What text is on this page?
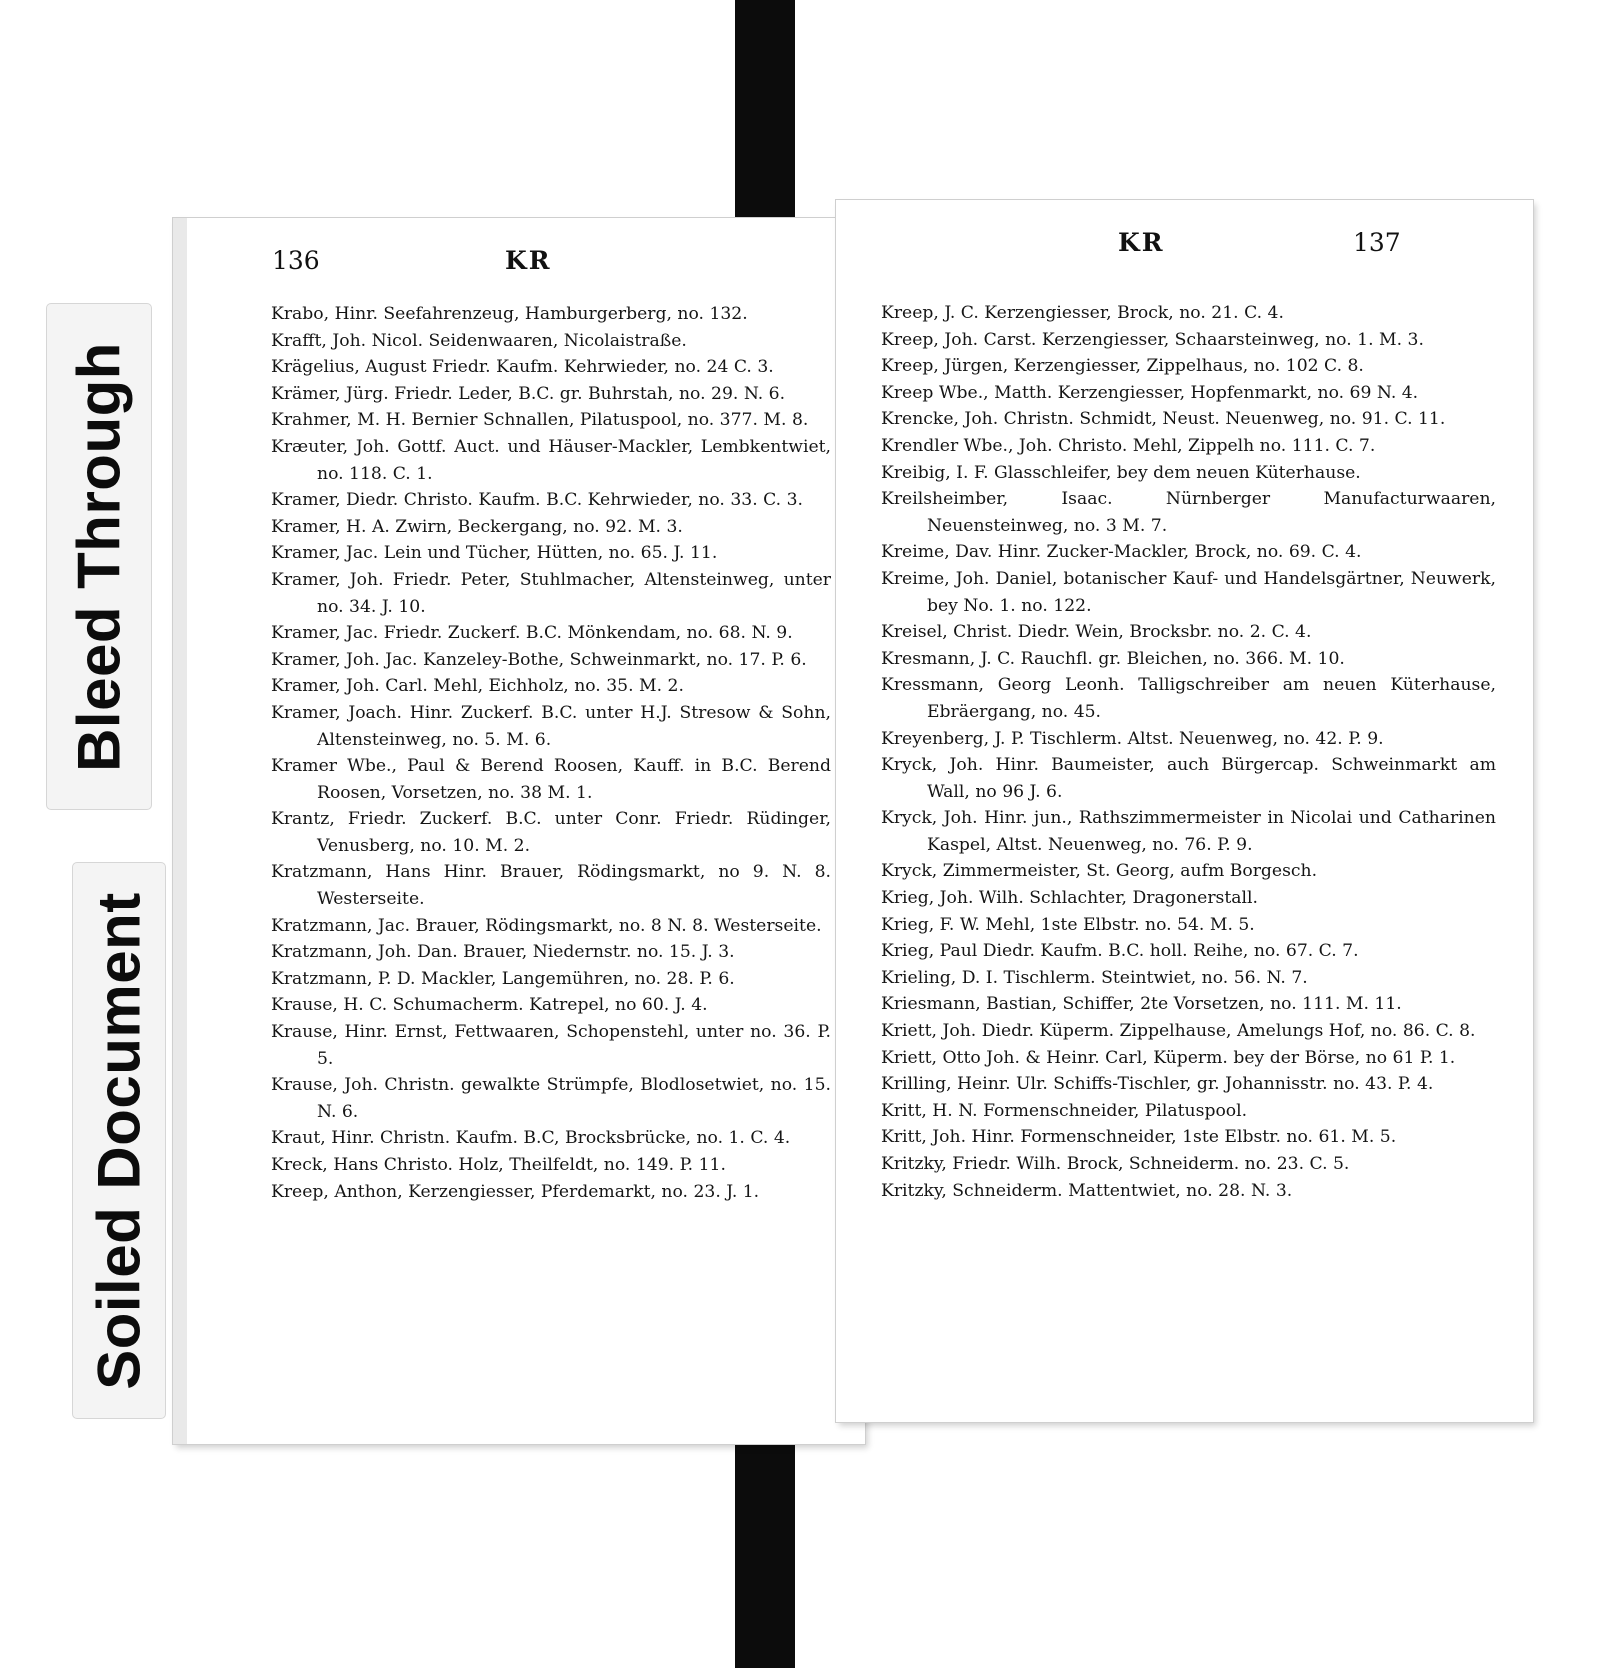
Bleed Through
Soiled Document
136	KR
Krabo, Hinr. Seefahrenzeug, Hamburgerberg, no. 132.
Krafft, Joh. Nicol. Seidenwaaren, Nicolaistraße.
Krägelius, August Friedr. Kaufm. Kehrwieder, no. 24 C. 3.
Krämer, Jürg. Friedr. Leder, B.C. gr. Buhrstah, no. 29. N. 6.
Krahmer, M. H. Bernier Schnallen, Pilatuspool, no. 377. M. 8.
Kræuter, Joh. Gottf. Auct. und Häuser-Mackler, Lembkentwiet, no. 118. C. 1.
Kramer, Diedr. Christo. Kaufm. B.C. Kehrwieder, no. 33. C. 3.
Kramer, H. A. Zwirn, Beckergang, no. 92. M. 3.
Kramer, Jac. Lein und Tücher, Hütten, no. 65. J. 11.
Kramer, Joh. Friedr. Peter, Stuhlmacher, Altensteinweg, unter no. 34. J. 10.
Kramer, Jac. Friedr. Zuckerf. B.C. Mönkendam, no. 68. N. 9.
Kramer, Joh. Jac. Kanzeley-Bothe, Schweinmarkt, no. 17. P. 6.
Kramer, Joh. Carl. Mehl, Eichholz, no. 35. M. 2.
Kramer, Joach. Hinr. Zuckerf. B.C. unter H.J. Stresow & Sohn, Altensteinweg, no. 5. M. 6.
Kramer Wbe., Paul & Berend Roosen, Kauff. in B.C. Berend Roosen, Vorsetzen, no. 38 M. 1.
Krantz, Friedr. Zuckerf. B.C. unter Conr. Friedr. Rüdinger, Venusberg, no. 10. M. 2.
Kratzmann, Hans Hinr. Brauer, Rödingsmarkt, no 9. N. 8. Westerseite.
Kratzmann, Jac. Brauer, Rödingsmarkt, no. 8 N. 8. Westerseite.
Kratzmann, Joh. Dan. Brauer, Niedernstr. no. 15. J. 3.
Kratzmann, P. D. Mackler, Langemühren, no. 28. P. 6.
Krause, H. C. Schumacherm. Katrepel, no 60. J. 4.
Krause, Hinr. Ernst, Fettwaaren, Schopenstehl, unter no. 36. P. 5.
Krause, Joh. Christn. gewalkte Strümpfe, Blodlosetwiet, no. 15. N. 6.
Kraut, Hinr. Christn. Kaufm. B.C, Brocksbrücke, no. 1. C. 4.
Kreck, Hans Christo. Holz, Theilfeldt, no. 149. P. 11.
Kreep, Anthon, Kerzengiesser, Pferdemarkt, no. 23. J. 1.
KR	137
Kreep, J. C. Kerzengiesser, Brock, no. 21. C. 4.
Kreep, Joh. Carst. Kerzengiesser, Schaarsteinweg, no. 1. M. 3.
Kreep, Jürgen, Kerzengiesser, Zippelhaus, no. 102 C. 8.
Kreep Wbe., Matth. Kerzengiesser, Hopfenmarkt, no. 69 N. 4.
Krencke, Joh. Christn. Schmidt, Neust. Neuenweg, no. 91. C. 11.
Krendler Wbe., Joh. Christo. Mehl, Zippelh no. 111. C. 7.
Kreibig, I. F. Glasschleifer, bey dem neuen Küterhause.
Kreilsheimber, Isaac. Nürnberger Manufacturwaaren, Neuensteinweg, no. 3 M. 7.
Kreime, Dav. Hinr. Zucker-Mackler, Brock, no. 69. C. 4.
Kreime, Joh. Daniel, botanischer Kauf- und Handelsgärtner, Neuwerk, bey No. 1. no. 122.
Kreisel, Christ. Diedr. Wein, Brocksbr. no. 2. C. 4.
Kresmann, J. C. Rauchfl. gr. Bleichen, no. 366. M. 10.
Kressmann, Georg Leonh. Talligschreiber am neuen Küterhause, Ebräergang, no. 45.
Kreyenberg, J. P. Tischlerm. Altst. Neuenweg, no. 42. P. 9.
Kryck, Joh. Hinr. Baumeister, auch Bürgercap. Schweinmarkt am Wall, no 96 J. 6.
Kryck, Joh. Hinr. jun., Rathszimmermeister in Nicolai und Catharinen Kaspel, Altst. Neuenweg, no. 76. P. 9.
Kryck, Zimmermeister, St. Georg, aufm Borgesch.
Krieg, Joh. Wilh. Schlachter, Dragonerstall.
Krieg, F. W. Mehl, 1ste Elbstr. no. 54. M. 5.
Krieg, Paul Diedr. Kaufm. B.C. holl. Reihe, no. 67. C. 7.
Krieling, D. I. Tischlerm. Steintwiet, no. 56. N. 7.
Kriesmann, Bastian, Schiffer, 2te Vorsetzen, no. 111. M. 11.
Kriett, Joh. Diedr. Küperm. Zippelhause, Amelungs Hof, no. 86. C. 8.
Kriett, Otto Joh. & Heinr. Carl, Küperm. bey der Börse, no 61 P. 1.
Krilling, Heinr. Ulr. Schiffs-Tischler, gr. Johannisstr. no. 43. P. 4.
Kritt, H. N. Formenschneider, Pilatuspool.
Kritt, Joh. Hinr. Formenschneider, 1ste Elbstr. no. 61. M. 5.
Kritzky, Friedr. Wilh. Brock, Schneiderm. no. 23. C. 5.
Kritzky, Schneiderm. Mattentwiet, no. 28. N. 3.
